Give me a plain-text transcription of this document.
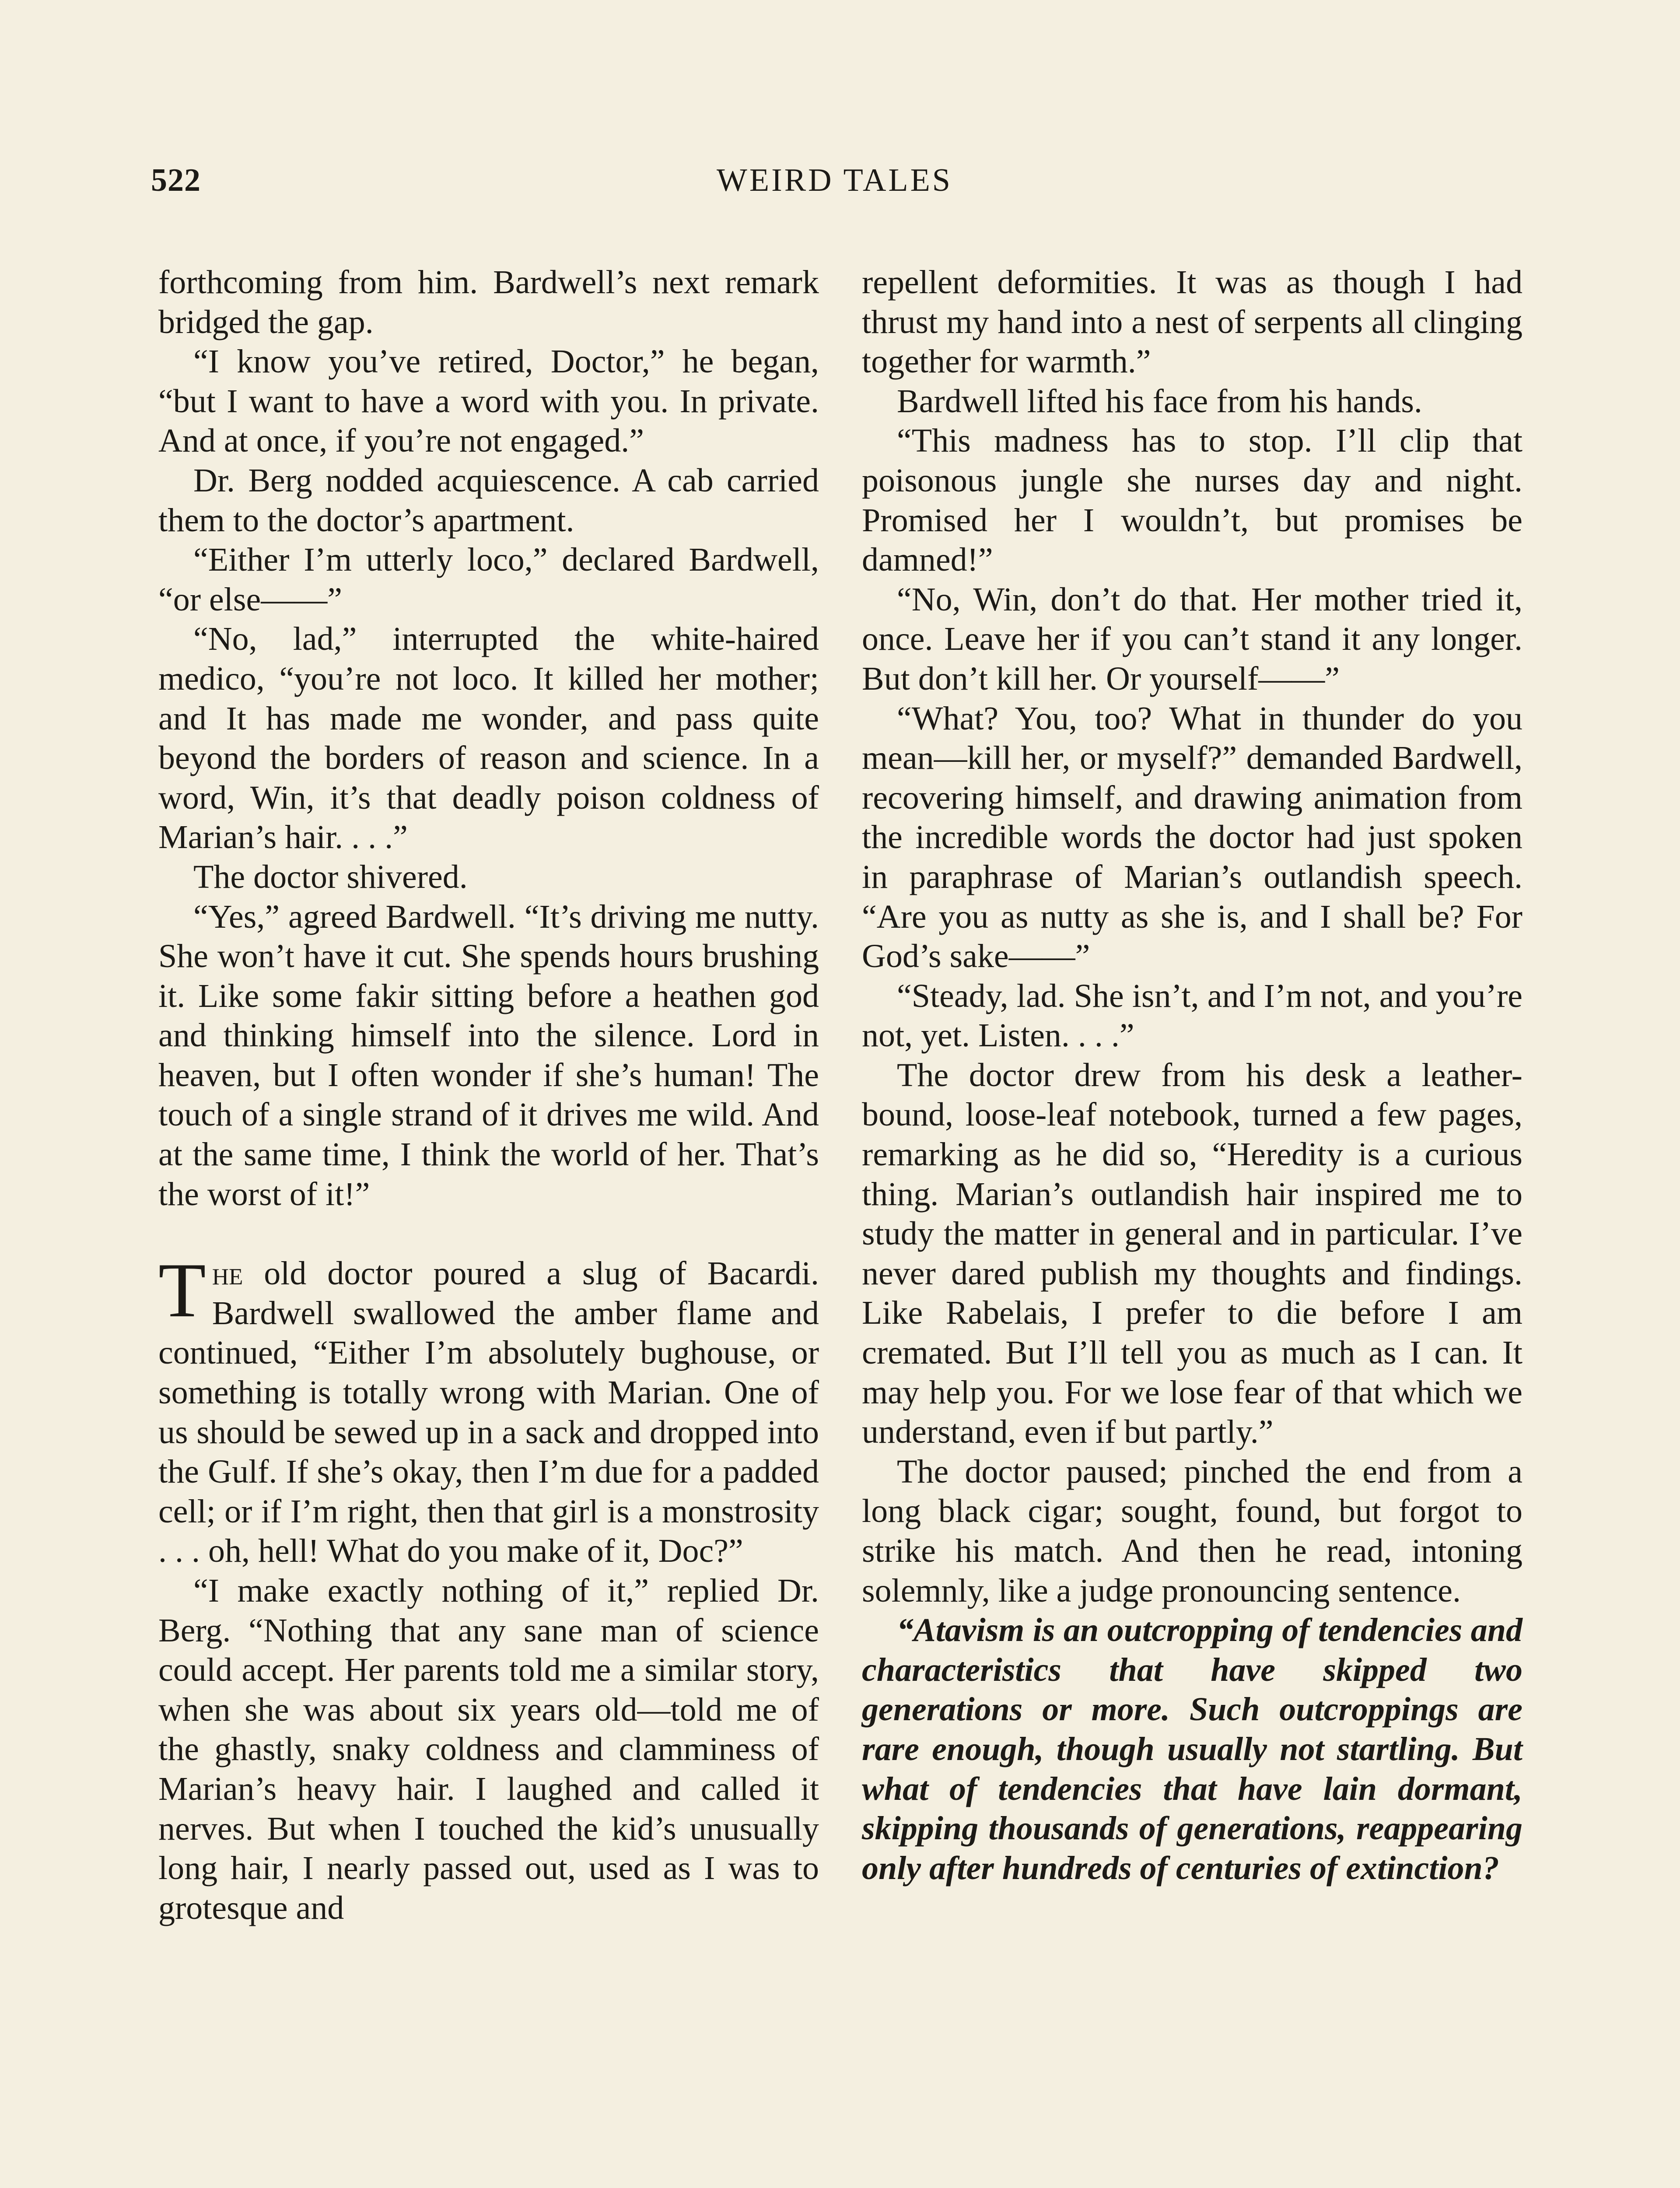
522	WEIRD TALES

forthcoming from him. Bardwell’s next remark bridged the gap.

“I know you’ve retired, Doctor,” he began, “but I want to have a word with you. In private. And at once, if you’re not engaged.”

Dr. Berg nodded acquiescence. A cab carried them to the doctor’s apartment.

“Either I’m utterly loco,” declared Bardwell, “or else——”

“No, lad,” interrupted the white-haired medico, “you’re not loco. It killed her mother; and It has made me wonder, and pass quite beyond the borders of reason and science. In a word, Win, it’s that deadly poison coldness of Marian’s hair. . . .”

The doctor shivered.

“Yes,” agreed Bardwell. “It’s driving me nutty. She won’t have it cut. She spends hours brushing it. Like some fakir sitting before a heathen god and thinking himself into the silence. Lord in heaven, but I often wonder if she’s human! The touch of a single strand of it drives me wild. And at the same time, I think the world of her. That’s the worst of it!”

The old doctor poured a slug of Bacardi. Bardwell swallowed the amber flame and continued, “Either I’m absolutely bughouse, or something is totally wrong with Marian. One of us should be sewed up in a sack and dropped into the Gulf. If she’s okay, then I’m due for a padded cell; or if I’m right, then that girl is a monstrosity . . . oh, hell! What do you make of it, Doc?”

“I make exactly nothing of it,” replied Dr. Berg. “Nothing that any sane man of science could accept. Her parents told me a similar story, when she was about six years old—told me of the ghastly, snaky coldness and clamminess of Marian’s heavy hair. I laughed and called it nerves. But when I touched the kid’s unusually long hair, I nearly passed out, used as I was to grotesque and

repellent deformities. It was as though I had thrust my hand into a nest of serpents all clinging together for warmth.”

Bardwell lifted his face from his hands.

“This madness has to stop. I’ll clip that poisonous jungle she nurses day and night. Promised her I wouldn’t, but promises be damned!”

“No, Win, don’t do that. Her mother tried it, once. Leave her if you can’t stand it any longer. But don’t kill her. Or yourself——”

“What? You, too? What in thunder do you mean—kill her, or myself?” demanded Bardwell, recovering himself, and drawing animation from the incredible words the doctor had just spoken in paraphrase of Marian’s outlandish speech. “Are you as nutty as she is, and I shall be? For God’s sake——”

“Steady, lad. She isn’t, and I’m not, and you’re not, yet. Listen. . . .”

The doctor drew from his desk a leather-bound, loose-leaf notebook, turned a few pages, remarking as he did so, “Heredity is a curious thing. Marian’s outlandish hair inspired me to study the matter in general and in particular. I’ve never dared publish my thoughts and findings. Like Rabelais, I prefer to die before I am cremated. But I’ll tell you as much as I can. It may help you. For we lose fear of that which we understand, even if but partly.”

The doctor paused; pinched the end from a long black cigar; sought, found, but forgot to strike his match. And then he read, intoning solemnly, like a judge pronouncing sentence.

“Atavism is an outcropping of tendencies and characteristics that have skipped two generations or more. Such outcroppings are rare enough, though usually not startling. But what of tendencies that have lain dormant, skipping thousands of generations, reappearing only after hundreds of centuries of extinction?
